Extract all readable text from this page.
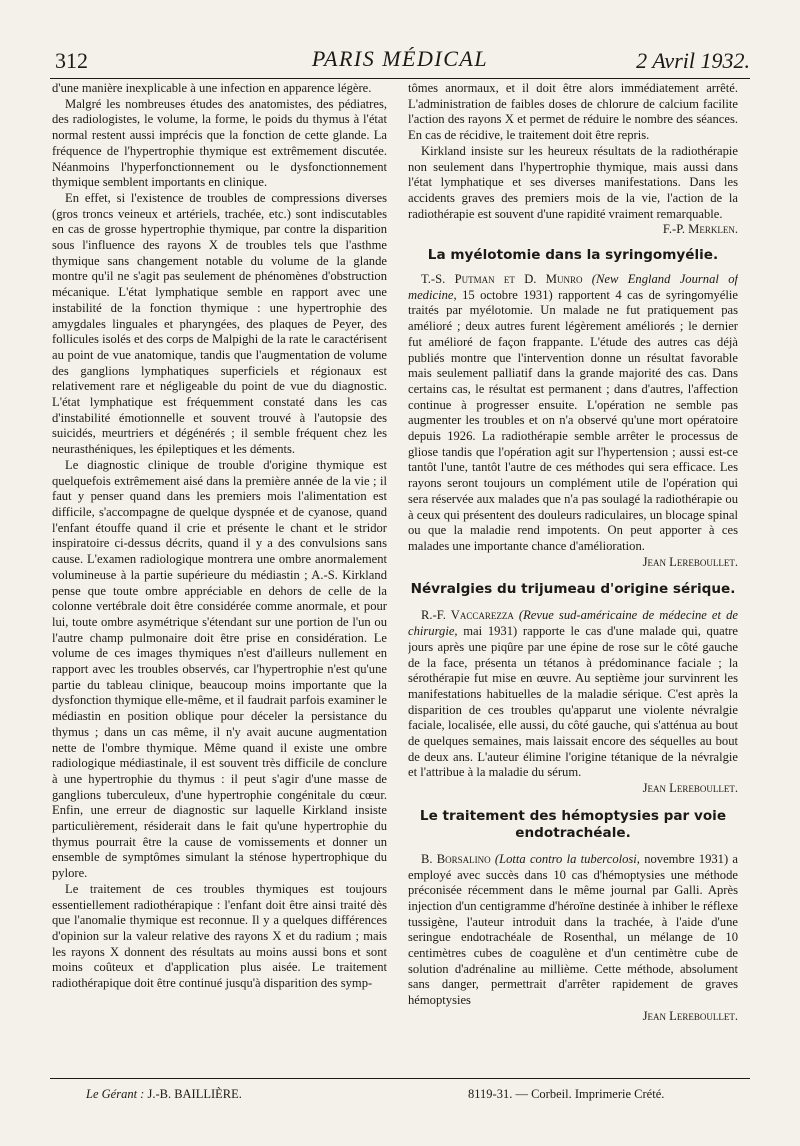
312	PARIS MÉDICAL	2 Avril 1932.

d'une manière inexplicable à une infection en apparence légère.

Malgré les nombreuses études des anatomistes, des pédiatres, des radiologistes, le volume, la forme, le poids du thymus à l'état normal restent aussi imprécis que la fonction de cette glande. La fréquence de l'hypertrophie thymique est extrêmement discutée. Néanmoins l'hyperfonctionnement ou le dysfonctionnement thymique semblent importants en clinique.

En effet, si l'existence de troubles de compressions diverses (gros troncs veineux et artériels, trachée, etc.) sont indiscutables en cas de grosse hypertrophie thymique, par contre la disparition sous l'influence des rayons X de troubles tels que l'asthme thymique sans changement notable du volume de la glande montre qu'il ne s'agit pas seulement de phénomènes d'obstruction mécanique. L'état lymphatique semble en rapport avec une instabilité de la fonction thymique : une hypertrophie des amygdales linguales et pharyngées, des plaques de Peyer, des follicules isolés et des corps de Malpighi de la rate le caractérisent au point de vue anatomique, tandis que l'augmentation de volume des ganglions lymphatiques superficiels et régionaux est relativement rare et négligeable du point de vue du diagnostic. L'état lymphatique est fréquemment constaté dans les cas d'instabilité émotionnelle et souvent trouvé à l'autopsie des suicidés, meurtriers et dégénérés ; il semble fréquent chez les neurasthéniques, les épileptiques et les déments.

Le diagnostic clinique de trouble d'origine thymique est quelquefois extrêmement aisé dans la première année de la vie ; il faut y penser quand dans les premiers mois l'alimentation est difficile, s'accompagne de quelque dyspnée et de cyanose, quand l'enfant étouffe quand il crie et présente le chant et le stridor inspiratoire ci-dessus décrits, quand il y a des convulsions sans cause. L'examen radiologique montrera une ombre anormalement volumineuse à la partie supérieure du médiastin ; A.-S. Kirkland pense que toute ombre appréciable en dehors de celle de la colonne vertébrale doit être considérée comme anormale, et pour lui, toute ombre asymétrique s'étendant sur une portion de l'un ou l'autre champ pulmonaire doit être prise en considération. Le volume de ces images thymiques n'est d'ailleurs nullement en rapport avec les troubles observés, car l'hypertrophie n'est qu'une partie du tableau clinique, beaucoup moins importante que la dysfonction thymique elle-même, et il faudrait parfois examiner le médiastin en position oblique pour déceler la persistance du thymus ; dans un cas même, il n'y avait aucune augmentation nette de l'ombre thymique. Même quand il existe une ombre radiologique médiastinale, il est souvent très difficile de conclure à une hypertrophie du thymus : il peut s'agir d'une masse de ganglions tuberculeux, d'une hypertrophie congénitale du cœur. Enfin, une erreur de diagnostic sur laquelle Kirkland insiste particulièrement, résiderait dans le fait qu'une hypertrophie du thymus pourrait être la cause de vomissements et donner un ensemble de symptômes simulant la sténose hypertrophique du pylore.

Le traitement de ces troubles thymiques est toujours essentiellement radiothérapique : l'enfant doit être ainsi traité dès que l'anomalie thymique est reconnue. Il y a quelques différences d'opinion sur la valeur relative des rayons X et du radium ; mais les rayons X donnent des résultats au moins aussi bons et sont moins coûteux et d'application plus aisée. Le traitement radiothérapique doit être continué jusqu'à disparition des symp-

tômes anormaux, et il doit être alors immédiatement arrêté. L'administration de faibles doses de chlorure de calcium facilite l'action des rayons X et permet de réduire le nombre des séances. En cas de récidive, le traitement doit être repris.

Kirkland insiste sur les heureux résultats de la radiothérapie non seulement dans l'hypertrophie thymique, mais aussi dans l'état lymphatique et ses diverses manifestations. Dans les accidents graves des premiers mois de la vie, l'action de la radiothérapie est souvent d'une rapidité vraiment remarquable.
F.-P. Merklen.

La myélotomie dans la syringomyélie.

T.-S. Putman et D. Munro (New England Journal of medicine, 15 octobre 1931) rapportent 4 cas de syringomyélie traités par myélotomie. Un malade ne fut pratiquement pas amélioré ; deux autres furent légèrement améliorés ; le dernier fut amélioré de façon frappante. L'étude des autres cas déjà publiés montre que l'intervention donne un résultat favorable mais seulement palliatif dans la grande majorité des cas. Dans certains cas, le résultat est permanent ; dans d'autres, l'affection continue à progresser ensuite. L'opération ne semble pas augmenter les troubles et on n'a observé qu'une mort opératoire depuis 1926. La radiothérapie semble arrêter le processus de gliose tandis que l'opération agit sur l'hypertension ; aussi est-ce tantôt l'une, tantôt l'autre de ces méthodes qui sera efficace. Les rayons seront toujours un complément utile de l'opération qui sera réservée aux malades que n'a pas soulagé la radiothérapie ou à ceux qui présentent des douleurs radiculaires, un blocage spinal ou que la maladie rend impotents. On peut apporter à ces malades une importante chance d'amélioration.
Jean Lereboullet.

Névralgies du trijumeau d'origine sérique.

R.-F. Vaccarezza (Revue sud-américaine de médecine et de chirurgie, mai 1931) rapporte le cas d'une malade qui, quatre jours après une piqûre par une épine de rose sur le côté gauche de la face, présenta un tétanos à prédominance faciale ; la sérothérapie fut mise en œuvre. Au septième jour survinrent les manifestations habituelles de la maladie sérique. C'est après la disparition de ces troubles qu'apparut une violente névralgie faciale, localisée, elle aussi, du côté gauche, qui s'atténua au bout de quelques semaines, mais laissait encore des séquelles au bout de deux ans. L'auteur élimine l'origine tétanique de la névralgie et l'attribue à la maladie du sérum.
Jean Lereboullet.

Le traitement des hémoptysies par voie endotrachéale.

B. Borsalino (Lotta contro la tubercolosi, novembre 1931) a employé avec succès dans 10 cas d'hémoptysies une méthode préconisée récemment dans le même journal par Galli. Après injection d'un centigramme d'héroïne destinée à inhiber le réflexe tussigène, l'auteur introduit dans la trachée, à l'aide d'une seringue endotrachéale de Rosenthal, un mélange de 10 centimètres cubes de coagulène et d'un centimètre cube de solution d'adrénaline au millième. Cette méthode, absolument sans danger, permettrait d'arrêter rapidement de graves hémoptysies
Jean Lereboullet.

Le Gérant : J.-B. BAILLIÈRE.	8119-31. — Corbeil. Imprimerie Crété.
